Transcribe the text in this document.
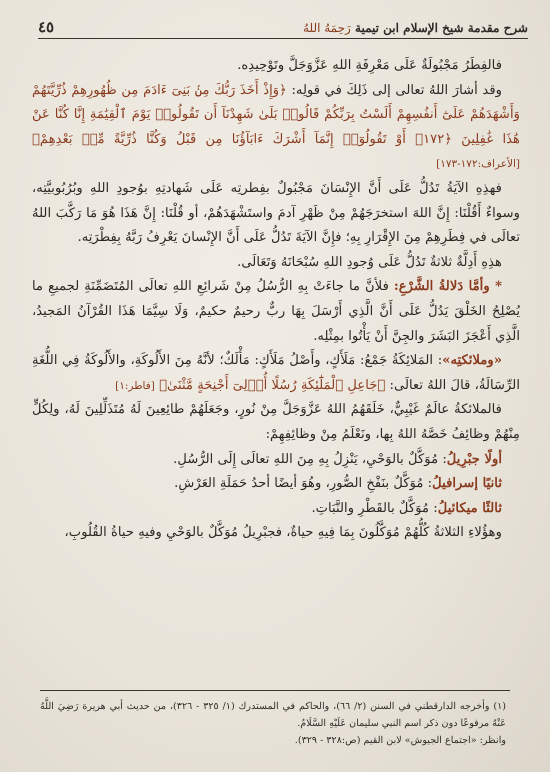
شرح مقدمة شيخ الإسلام ابن تيمية رَحِمَهُ اللهُ
٤٥

فالفِطَرُ مَجْبُولَةٌ عَلَى مَعْرِفَةِ اللهِ عَزَّوَجَلَّ وتَوْحِيدِه.

وقد أشارَ اللهُ تعالى إلى ذَلِكَ في قولِه: ﴿وَإِذْ أَخَذَ رَبُّكَ مِنۢ بَنِىٓ ءَادَمَ مِن ظُهُورِهِمْ ذُرِّيَّتَهُمْ وَأَشْهَدَهُمْ عَلَىٰٓ أَنفُسِهِمْ أَلَسْتُ بِرَبِّكُمْ قَالُوا۟ بَلَىٰ شَهِدْنَآ أَن تَقُولُوا۟ يَوْمَ ٱلْقِيَٰمَةِ إِنَّا كُنَّا عَنْ هَٰذَا غَٰفِلِينَ ﴿١٧٢﴾ أَوْ تَقُولُوٓا۟ إِنَّمَآ أَشْرَكَ ءَابَآؤُنَا مِن قَبْلُ وَكُنَّا ذُرِّيَّةً مِّنۢ بَعْدِهِمْ﴾ [الأعراف:١٧٢-١٧٣]

فهذِهِ الآيَةُ تَدُلُّ عَلَى أَنَّ الإِنْسَانَ مَجْبُولٌ بفِطرتِه عَلَى شَهادتِهِ بوُجودِ اللهِ وبُرُبُوبيَّتِه، وسواءٌ أَقُلْنَا: إِنَّ اللهَ استخرَجَهُمْ مِنْ ظَهْرِ آدمَ واستَشْهَدَهُمْ، أو قُلْنَا: إِنَّ هَذَا هُوَ مَا رَكَّبَ اللهُ تعالَى في فِطَرِهِمْ مِنَ الإِقْرَارِ بِهِ؛ فإِنَّ الآيَةَ تَدُلُّ عَلَى أَنَّ الإِنْسانَ يَعْرِفُ رَبَّهُ بِفِطْرَتِه.

هذِهِ أَدِلَّةٌ ثلاثةٌ تَدُلُّ عَلَى وُجودِ اللهِ سُبْحَانَهُ وَتَعَالَى.

* وأمَّا دَلالةُ الشَّرْعِ: فلأنَّ ما جاءَتْ بِهِ الرُّسُلُ مِنْ شَرائِعِ اللهِ تعالَى المُتَضَمِّنَةِ لجميعِ ما يُصْلِحُ الخَلْقَ يَدُلُّ عَلَى أَنَّ الَّذِي أَرْسَلَ بِهَا ربٌّ رحيمٌ حكيمٌ، وَلَا سِيَّمَا هَذَا القُرْآنُ المَجيدُ، الَّذِي أَعْجَزَ البَشَرَ والجِنَّ أَنْ يَأْتُوا بمِثْلِه.

«وملائكتِه»: المَلائِكَةُ جَمْعُ: مَلَأَكٍ، وأَصْلُ مَلَأَكٍ: مَأْلَكٌ؛ لأنَّهُ مِنَ الأَلُوكَةِ، والأَلُوكَةُ فِي اللُّغَةِ الرِّسَالَةُ، قالَ اللهُ تعالَى: ﴿جَاعِلِ ٱلْمَلَٰٓئِكَةِ رُسُلًا أُو۟لِىٓ أَجْنِحَةٍ مَّثْنَىٰ﴾ [فاطر:١]

فالملائكةُ عالَمٌ غَيْبِيٌّ، خَلَقَهُمُ اللهُ عَزَّوَجَلَّ مِنْ نُورٍ، وجَعَلَهُمْ طائِعِينَ لَهُ مُتَذَلِّلِينَ لَهُ، ولِكُلٍّ مِنْهُمْ وظائِفُ خَصَّهُ اللهُ بِها، ونَعْلَمُ مِنْ وظائِفِهِمْ:

أولًا جبْرِيلُ: مُوَكَّلٌ بالوَحْيِ، يَنْزِلُ بِهِ مِنَ اللهِ تعالَى إِلَى الرُّسُلِ.

ثانيًا إسرافيلُ: مُوَكَّلٌ بنَفْخِ الصُّورِ، وهُوَ أيضًا أحدُ حَمَلَةِ العَرْشِ.

ثالثًا ميكائيلُ: مُوَكَّلٌ بالقَطْرِ والنَّبَاتِ.

وهؤُلاءِ الثلاثةُ كُلُّهُمْ مُوَكَّلُونَ بِمَا فِيهِ حياةٌ، فجبْرِيلُ مُوَكَّلٌ بالوَحْيِ وفيهِ حياةُ القُلُوبِ،

(١) وأخرجه الدارقطني في السنن (٢/ ٦٦)، والحاكم في المستدرك (١/ ٣٢٥ - ٣٢٦)، من حديث أبي هريرة رَضِيَ اللَّهُ عَنْهُ مرفوعًا دون ذكر اسم النبي سليمان عَلَيْهِ السَّلَامُ.

وانظر: «اجتماع الجيوش» لابن القيم (ص:٣٢٨ - ٣٢٩).
